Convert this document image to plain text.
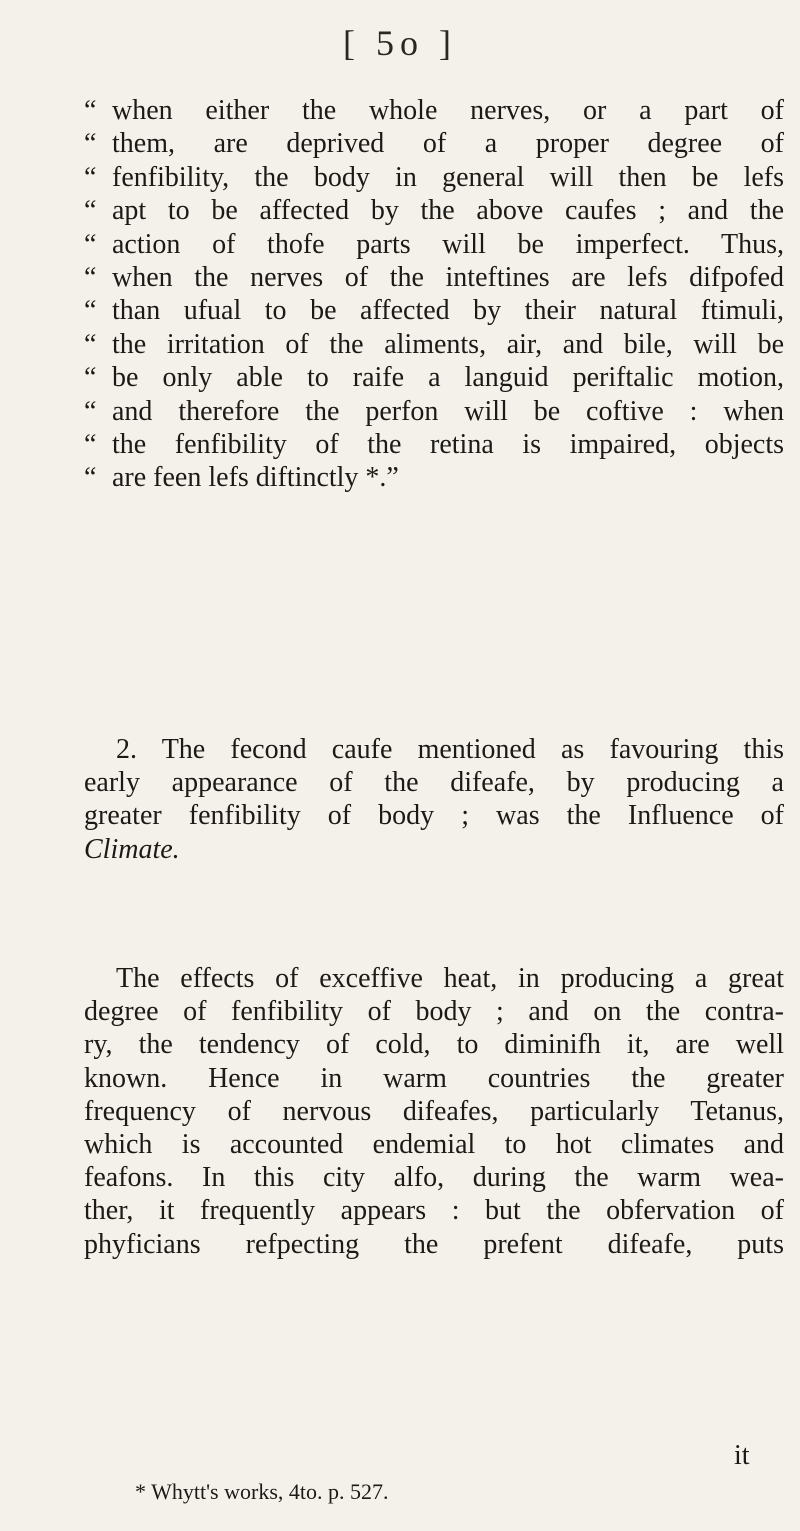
[ 5o ]
“ when either the whole nerves, or a part of
“ them, are deprived of a proper degree of
“ fenfibility, the body in general will then be lefs
“ apt to be affected by the above caufes ; and the
“ action of thofe parts will be imperfect. Thus,
“ when the nerves of the inteftines are lefs difpofed
“ than ufual to be affected by their natural ftimuli,
“ the irritation of the aliments, air, and bile, will be
“ be only able to raife a languid periftalic motion,
“ and therefore the perfon will be coftive : when
“ the fenfibility of the retina is impaired, objects
“ are feen lefs diftinctly *.”
2. The fecond caufe mentioned as favouring this
early appearance of the difeafe, by producing a
greater fenfibility of body ; was the Influence of
Climate.
The effects of exceffive heat, in producing a great
degree of fenfibility of body ; and on the contra-
ry, the tendency of cold, to diminifh it, are well
known. Hence in warm countries the greater
frequency of nervous difeafes, particularly Tetanus,
which is accounted endemial to hot climates and
feafons. In this city alfo, during the warm wea-
ther, it frequently appears : but the obfervation of
phyficians refpecting the prefent difeafe, puts
it
* Whytt's works, 4to. p. 527.
